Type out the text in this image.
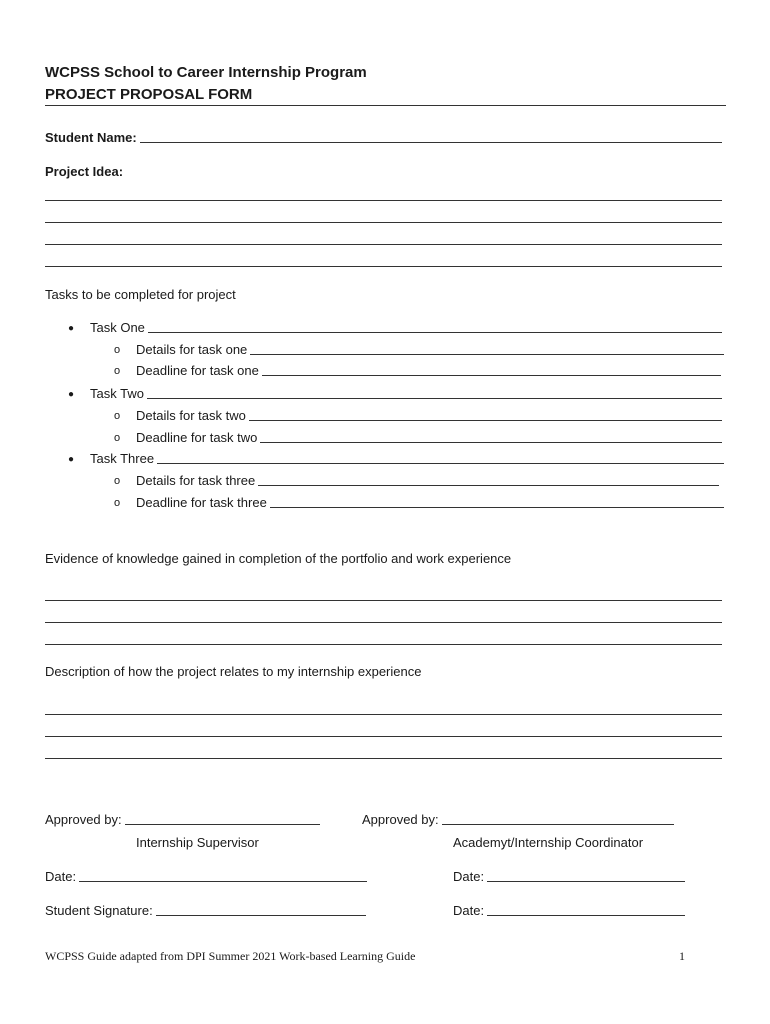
WCPSS School to Career Internship Program
PROJECT PROPOSAL FORM
Student Name:
Project Idea:
Tasks to be completed for project
● Task One
o Details for task one
o Deadline for task one
● Task Two
o Details for task two
o Deadline for task two
● Task Three
o Details for task three
o Deadline for task three
Evidence of knowledge gained in completion of the portfolio and work experience
Description of how the project relates to my internship experience
Approved by:
Internship Supervisor
Approved by:
Academyt/Internship Coordinator
Date:	Date:
Student Signature:	Date:
WCPSS Guide adapted from DPI Summer 2021 Work-based Learning Guide	1
